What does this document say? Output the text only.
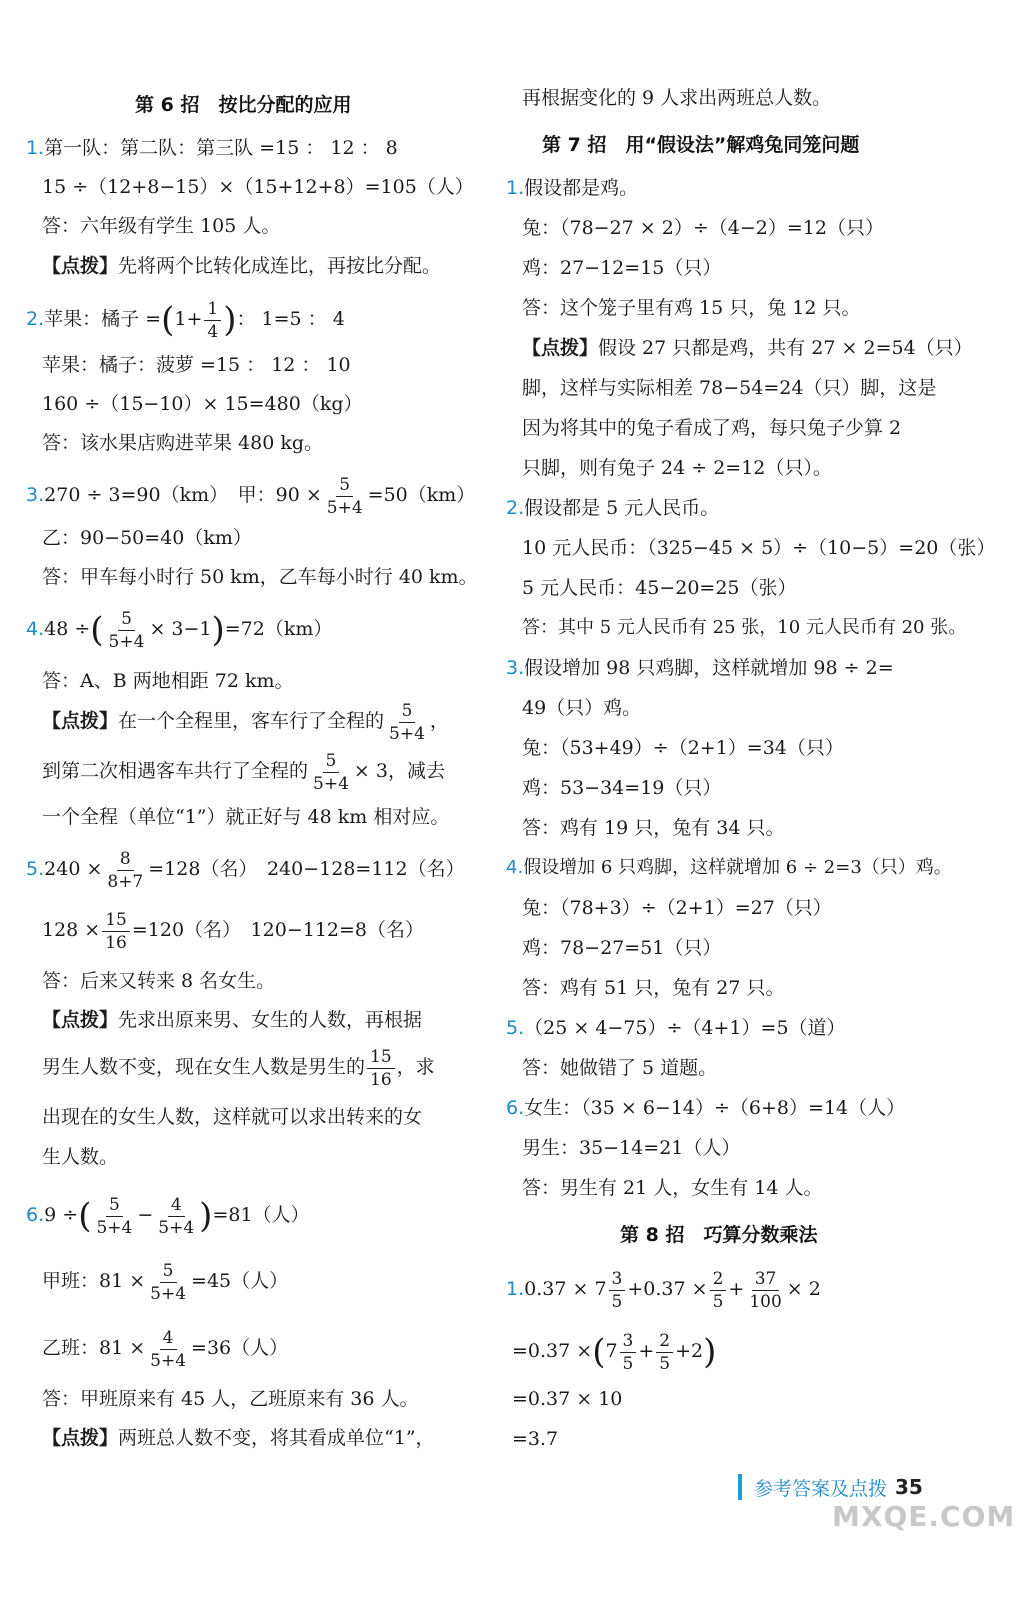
第 6 招　按比分配的应用
1.第一队：第二队：第三队 =15 ： 12 ： 8
15 ÷（12+8−15）×（15+12+8）=105（人）
答：六年级有学生 105 人。
【点拨】先将两个比转化成连比，再按比分配。
2.苹果：橘子 $=(1+ \frac{1}{4}$ )： 1=5 ： 4
苹果：橘子：菠萝 =15 ： 12 ： 10
160 ÷（15−10）× 15=480（kg）
答：该水果店购进苹果 480 kg。
3.270 ÷ 3=90（km）　甲：$90 \times \frac{5}{5+4} =50(km)$
乙：90−50=40（km）
答：甲车每小时行 50 km，乙车每小时行 40 km。
4.48 ÷( $\frac{5}{5+4} \times 3-1)=72(km)$
答：A、B 两地相距 72 km。
【点拨】在一个全程里，客车行了全程的 $\frac{5}{5+4}$ ，
到第二次相遇客车共行了全程的 $\frac{5}{5+4} \times 3$，减去
一个全程（单位“1”）就正好与 48 km 相对应。
$5.240 \times \frac{8}{8+7} =128$（名）　240−128=112（名）
$128 \times \frac{15}{16} =120$（名）　120−112=8（名）
答：后来又转来 8 名女生。
【点拨】先求出原来男、女生的人数，再根据
男生人数不变，现在女生人数是男生的 $\frac{15}{16}$ ，求
出现在的女生人数，这样就可以求出转来的女
生人数。
6.9 ÷( $\frac{5}{5+4} - \frac{4}{5+4} )=81$（人）
甲班：$81 \times \frac{5}{5+4} =45$（人）
乙班：$81 \times \frac{4}{5+4} =36$（人）
答：甲班原来有 45 人，乙班原来有 36 人。
【点拨】两班总人数不变，将其看成单位“1”，
再根据变化的 9 人求出两班总人数。
第 7 招　用“假设法”解鸡兔同笼问题
1.假设都是鸡。
兔：（78−27 × 2）÷（4−2）=12（只）
鸡：27−12=15（只）
答：这个笼子里有鸡 15 只，兔 12 只。
【点拨】假设 27 只都是鸡，共有 27 × 2=54（只）
脚，这样与实际相差 78−54=24（只）脚，这是
因为将其中的兔子看成了鸡，每只兔子少算 2
只脚，则有兔子 24 ÷ 2=12（只）。
2.假设都是 5 元人民币。
10 元人民币：（325−45 × 5）÷（10−5）=20（张）
5 元人民币：45−20=25（张）
答：其中 5 元人民币有 25 张，10 元人民币有 20 张。
3.假设增加 98 只鸡脚，这样就增加 98 ÷ 2=
49（只）鸡。
兔：（53+49）÷（2+1）=34（只）
鸡：53−34=19（只）
答：鸡有 19 只，兔有 34 只。
4.假设增加 6 只鸡脚，这样就增加 6 ÷ 2=3（只）鸡。
兔：（78+3）÷（2+1）=27（只）
鸡：78−27=51（只）
答：鸡有 51 只，兔有 27 只。
5.（25 × 4−75）÷（4+1）=5（道）
答：她做错了 5 道题。
6.女生：（35 × 6−14）÷（6+8）=14（人）
男生：35−14=21（人）
答：男生有 21 人，女生有 14 人。
第 8 招　巧算分数乘法
$1.0.37 \times 7 \frac{3}{5} +0.37 \times \frac{2}{5} + \frac{37}{100} \times 2$
$=0.37 \times(7 \frac{3}{5} + \frac{2}{5} +2)$
=0.37 × 10
=3.7
参考答案及点拨 35
MXQE.COM
